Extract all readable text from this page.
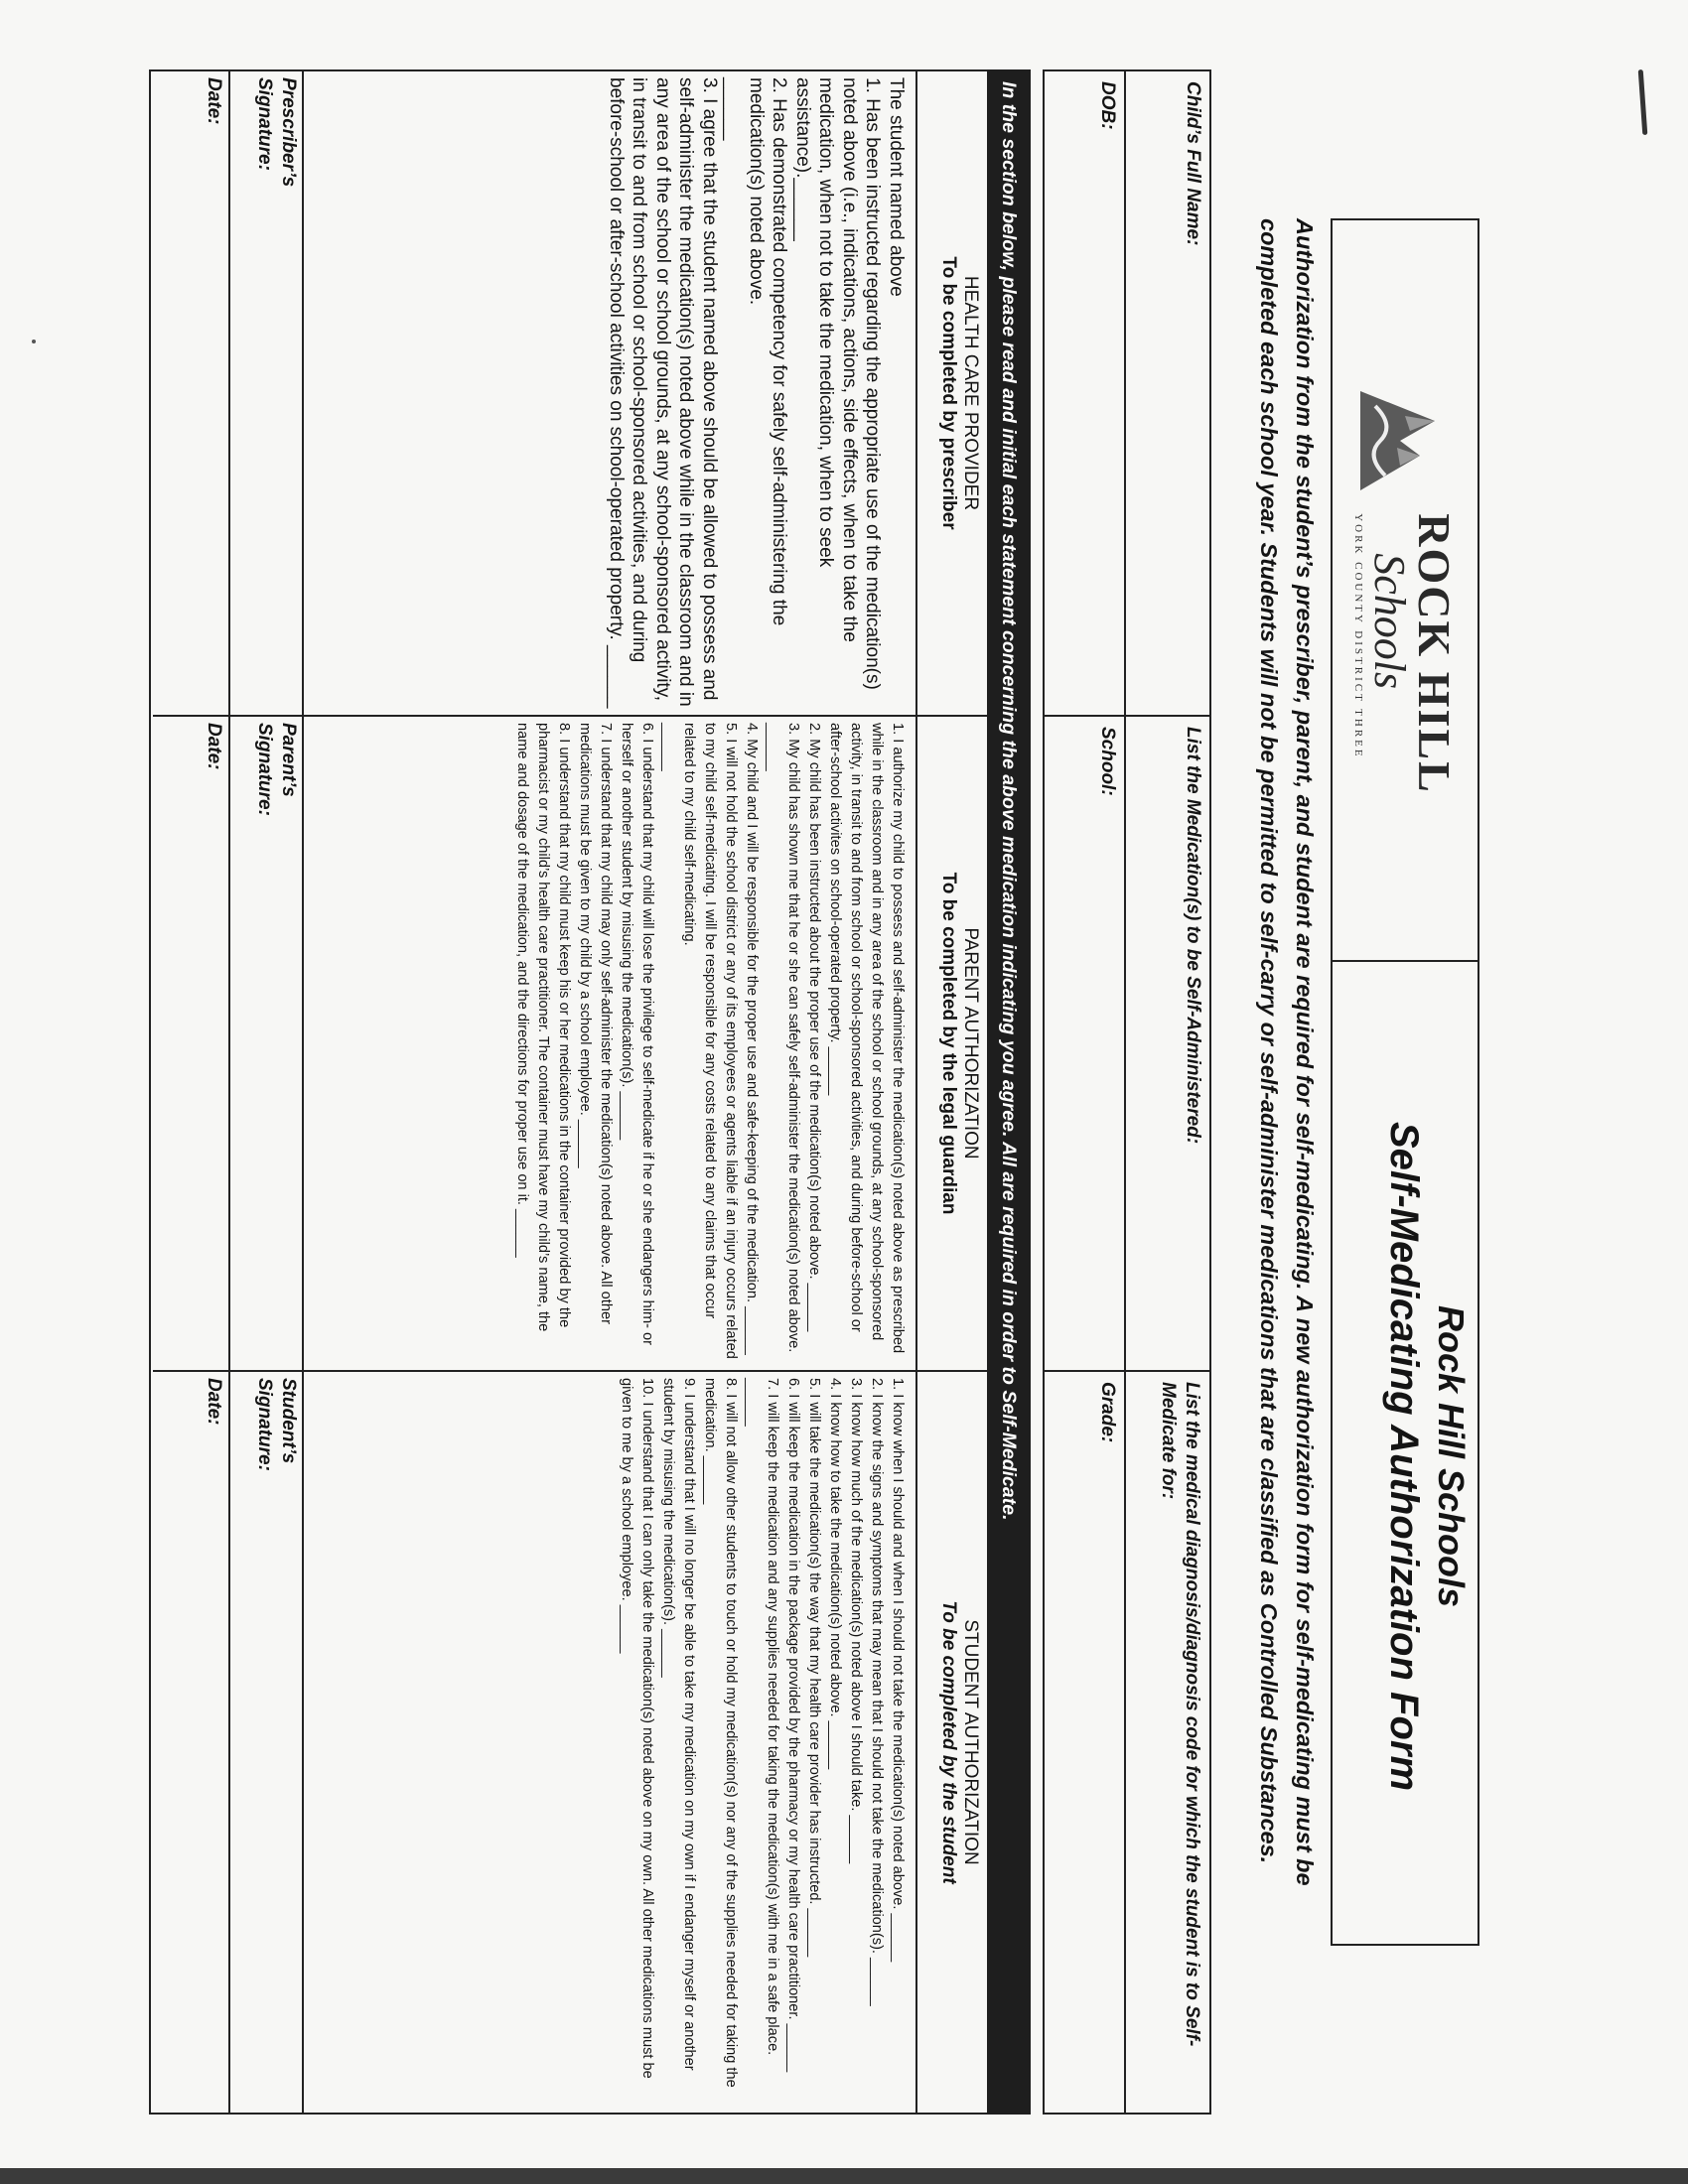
ROCK HILL
Schools
YORK COUNTY DISTRICT THREE
Rock Hill Schools
Self-Medicating Authorization Form
Authorization from the student’s prescriber, parent, and student are required for self-medicating. A new authorization form for self-medicating must be completed each school year. Students will not be permitted to self-carry or self-administer medications that are classified as Controlled Substances.
Child’s Full Name:
DOB:
List the Medication(s) to be Self-Administered:
School:
List the medical diagnosis/diagnosis code for which the student is to Self-Medicate for:
Grade:
In the section below, please read and initial each statement concerning the above medication indicating you agree. All are required in order to Self-Medicate.
HEALTH CARE PROVIDER
To be completed by prescriber
The student named above
1. Has been instructed regarding the appropriate use of the medication(s) noted above (i.e., indications, actions, side effects, when to take the medication, when not to take the medication, when to seek assistance).______
2. Has demonstrated competency for safely self-administering the medication(s) noted above.
______
3. I agree that the student named above should be allowed to possess and self-administer the medication(s) noted above while in the classroom and in any area of the school or school grounds, at any school-sponsored activity, in transit to and from school or school-sponsored activities, and during before-school or after-school activities on school-operated property. ______
Prescriber’s
Signature:
Date:
PARENT AUTHORIZATION
To be completed by the legal guardian
1. I authorize my child to possess and self-administer the medication(s) noted above as prescribed while in the classroom and in any area of the school or school grounds, at any school-sponsored activity, in transit to and from school or school-sponsored activities, and during before-school or after-school activites on school-operated property. ______
2. My child has been instructed about the proper use of the medication(s) noted above. ______
3. My child has shown me that he or she can safely self-administer the medication(s) noted above. ______
4. My child and I will be responsible for the proper use and safe-keeping of the medication. ______
5. I will not hold the school district or any of its employees or agents liable if an injury occurs related to my child self-medicating. I will be responsible for any costs related to any claims that occur related to my child self-medicating.
______
6. I understand that my child will lose the privilege to self-medicate if he or she endangers him- or herself or another student by misusing the medication(s). ______
7. I understand that my child may only self-administer the medication(s) noted above. All other medications must be given to my child by a school employee. ______
8. I understand that my child must keep his or her medications in the container provided by the pharmacist or my child’s health care practitioner. The container must have my child’s name, the name and dosage of the medication, and the directions for proper use on it. ______
Parent’s
Signature:
Date:
STUDENT AUTHORIZATION
To be completed by the student
1. I know when I should and when I should not take the medication(s) noted above. ______
2. I know the signs and symptoms that may mean that I should not take the medication(s). ______
3. I know how much of the medication(s) noted above I should take. ______
4. I know how to take the medication(s) noted above. ______
5. I will take the medication(s) the way that my health care provider has instructed. ______
6. I will keep the medication in the package provided by the pharmacy or my health care practitioner. ______
7. I will keep the medication and any supplies needed for taking the medication(s) with me in a safe place. ______
8. I will not allow other students to touch or hold my medication(s) nor any of the supplies needed for taking the medication. ______
9. I understand that I will no longer be able to take my medication on my own if I endanger myself or another student by misusing the medication(s). ______
10. I understand that I can only take the medication(s) noted above on my own. All other medications must be given to me by a school employee. ______
Student’s
Signature:
Date:
